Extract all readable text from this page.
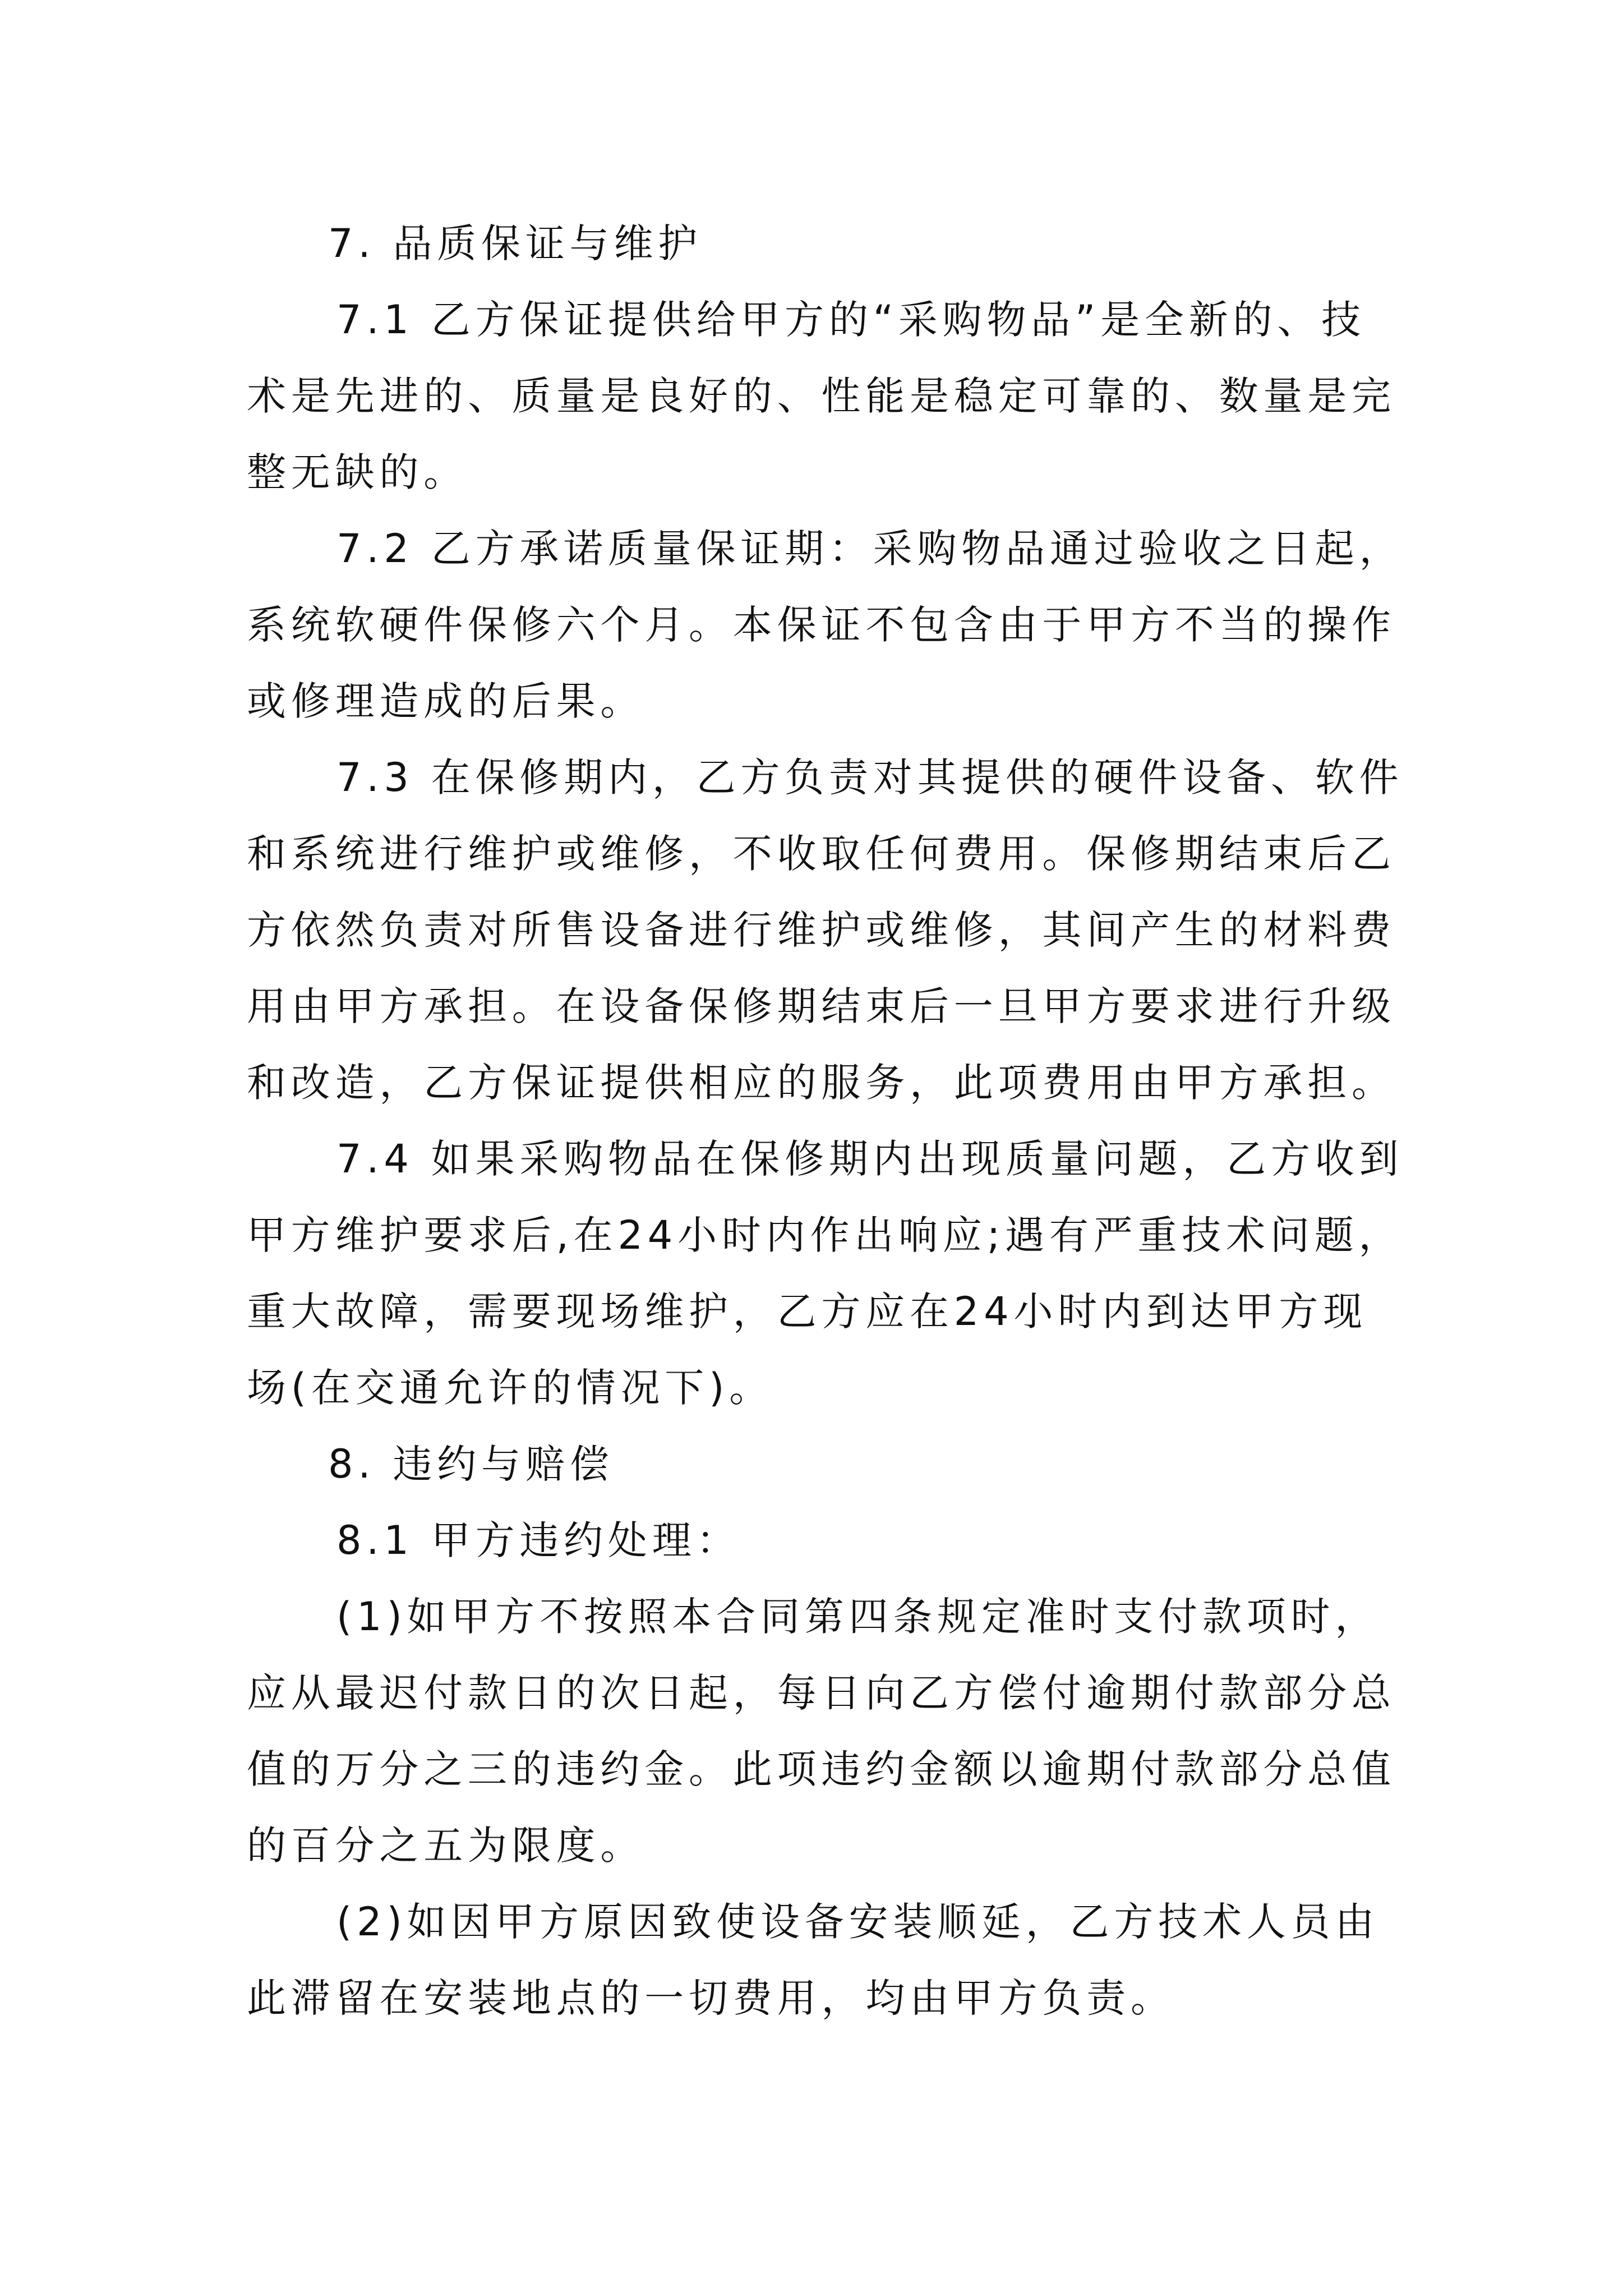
7. 品质保证与维护
7.1 乙方保证提供给甲方的“采购物品”是全新的、技
术是先进的、质量是良好的、性能是稳定可靠的、数量是完
整无缺的。
7.2 乙方承诺质量保证期：采购物品通过验收之日起，
系统软硬件保修六个月。本保证不包含由于甲方不当的操作
或修理造成的后果。
7.3 在保修期内，乙方负责对其提供的硬件设备、软件
和系统进行维护或维修，不收取任何费用。保修期结束后乙
方依然负责对所售设备进行维护或维修，其间产生的材料费
用由甲方承担。在设备保修期结束后一旦甲方要求进行升级
和改造，乙方保证提供相应的服务，此项费用由甲方承担。
7.4 如果采购物品在保修期内出现质量问题，乙方收到
甲方维护要求后,在24小时内作出响应;遇有严重技术问题，
重大故障，需要现场维护，乙方应在24小时内到达甲方现
场(在交通允许的情况下)。
8. 违约与赔偿
8.1 甲方违约处理：
(1)如甲方不按照本合同第四条规定准时支付款项时，
应从最迟付款日的次日起，每日向乙方偿付逾期付款部分总
值的万分之三的违约金。此项违约金额以逾期付款部分总值
的百分之五为限度。
(2)如因甲方原因致使设备安装顺延，乙方技术人员由
此滞留在安装地点的一切费用，均由甲方负责。
